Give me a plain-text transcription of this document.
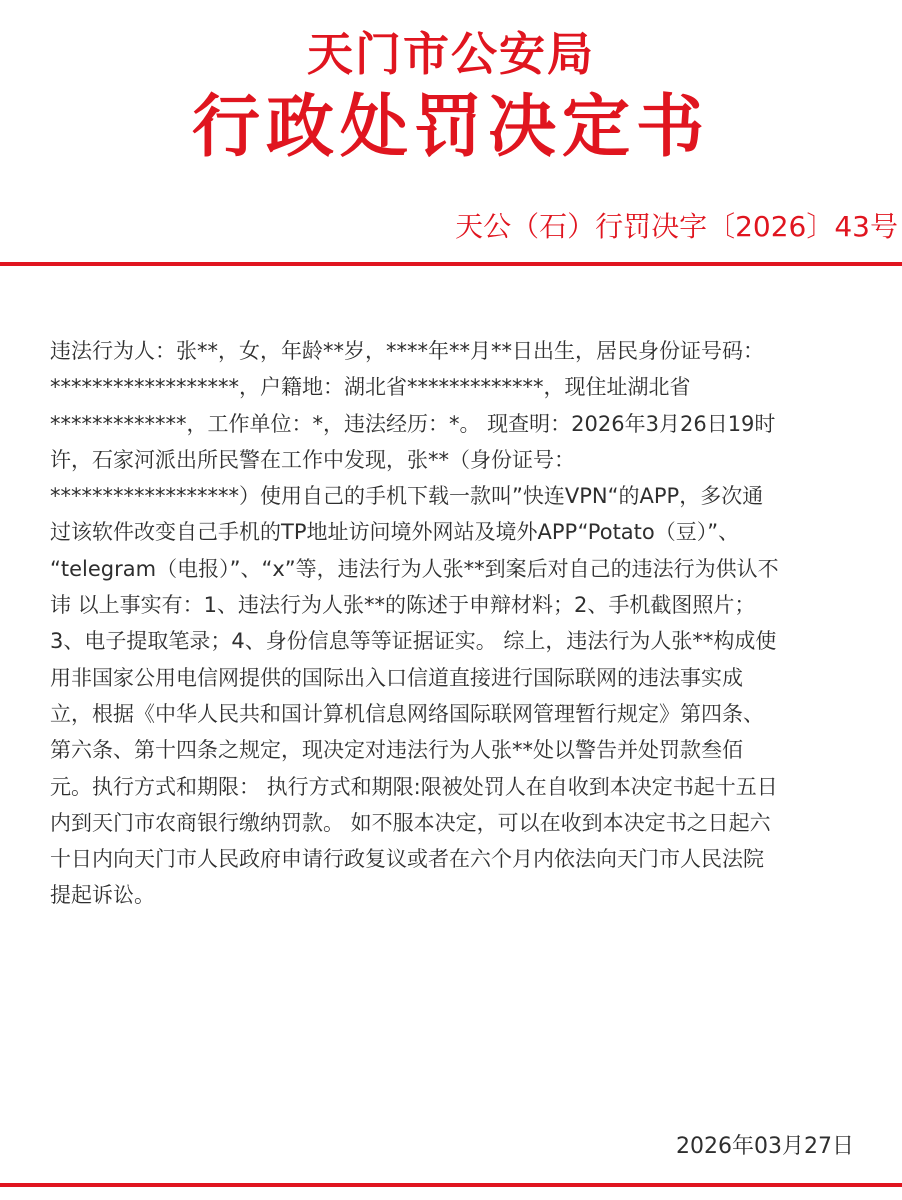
天门市公安局
行政处罚决定书
天公（石）行罚决字〔2026〕43号
违法行为人：张**，女，年龄**岁，****年**月**日出生，居民身份证号码：
******************，户籍地：湖北省*************，现住址湖北省
*************，工作单位：*，违法经历：*。 现查明：2026年3月26日19时
许，石家河派出所民警在工作中发现，张**（身份证号：
******************）使用自己的手机下载一款叫”快连VPN“的APP，多次通
过该软件改变自己手机的TP地址访问境外网站及境外APP“Potato（豆）”、
“telegram（电报）”、“x”等，违法行为人张**到案后对自己的违法行为供认不
讳 以上事实有：1、违法行为人张**的陈述于申辩材料；2、手机截图照片；
3、电子提取笔录；4、身份信息等等证据证实。 综上，违法行为人张**构成使
用非国家公用电信网提供的国际出入口信道直接进行国际联网的违法事实成
立，根据《中华人民共和国计算机信息网络国际联网管理暂行规定》第四条、
第六条、第十四条之规定，现决定对违法行为人张**处以警告并处罚款叁佰
元。执行方式和期限： 执行方式和期限:限被处罚人在自收到本决定书起十五日
内到天门市农商银行缴纳罚款。 如不服本决定，可以在收到本决定书之日起六
十日内向天门市人民政府申请行政复议或者在六个月内依法向天门市人民法院
提起诉讼。
2026年03月27日
